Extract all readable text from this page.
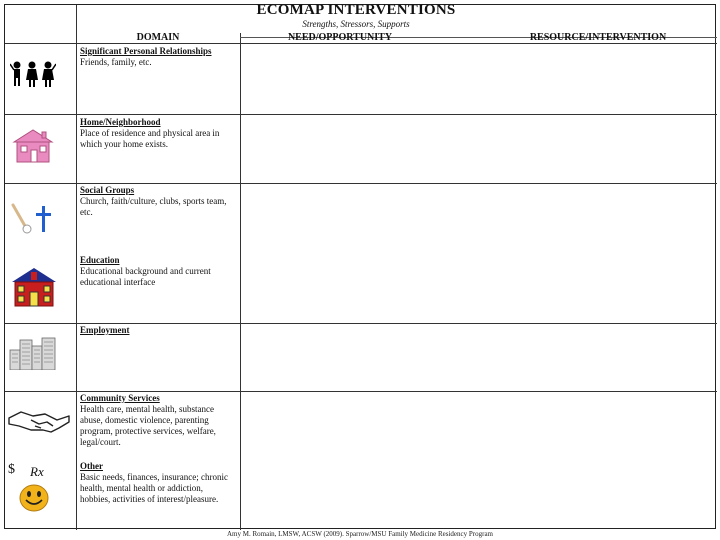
ECOMAP INTERVENTIONS
Strengths, Stressors, Supports
DOMAIN	NEED/OPPORTUNITY	RESOURCE/INTERVENTION
Significant Personal Relationships
Friends, family, etc.
Home/Neighborhood
Place of residence and physical area in which your home exists.
Social Groups
Church, faith/culture, clubs, sports team, etc.
Education
Educational background and current educational interface
Employment
Community Services
Health care, mental health, substance abuse, domestic violence, parenting program, protective services, welfare, legal/court.
Other
Basic needs, finances, insurance; chronic health, mental health or addiction, hobbies, activities of interest/pleasure.
$ Rx
Amy M. Romain, LMSW, ACSW (2009). Sparrow/MSU Family Medicine Residency Program
